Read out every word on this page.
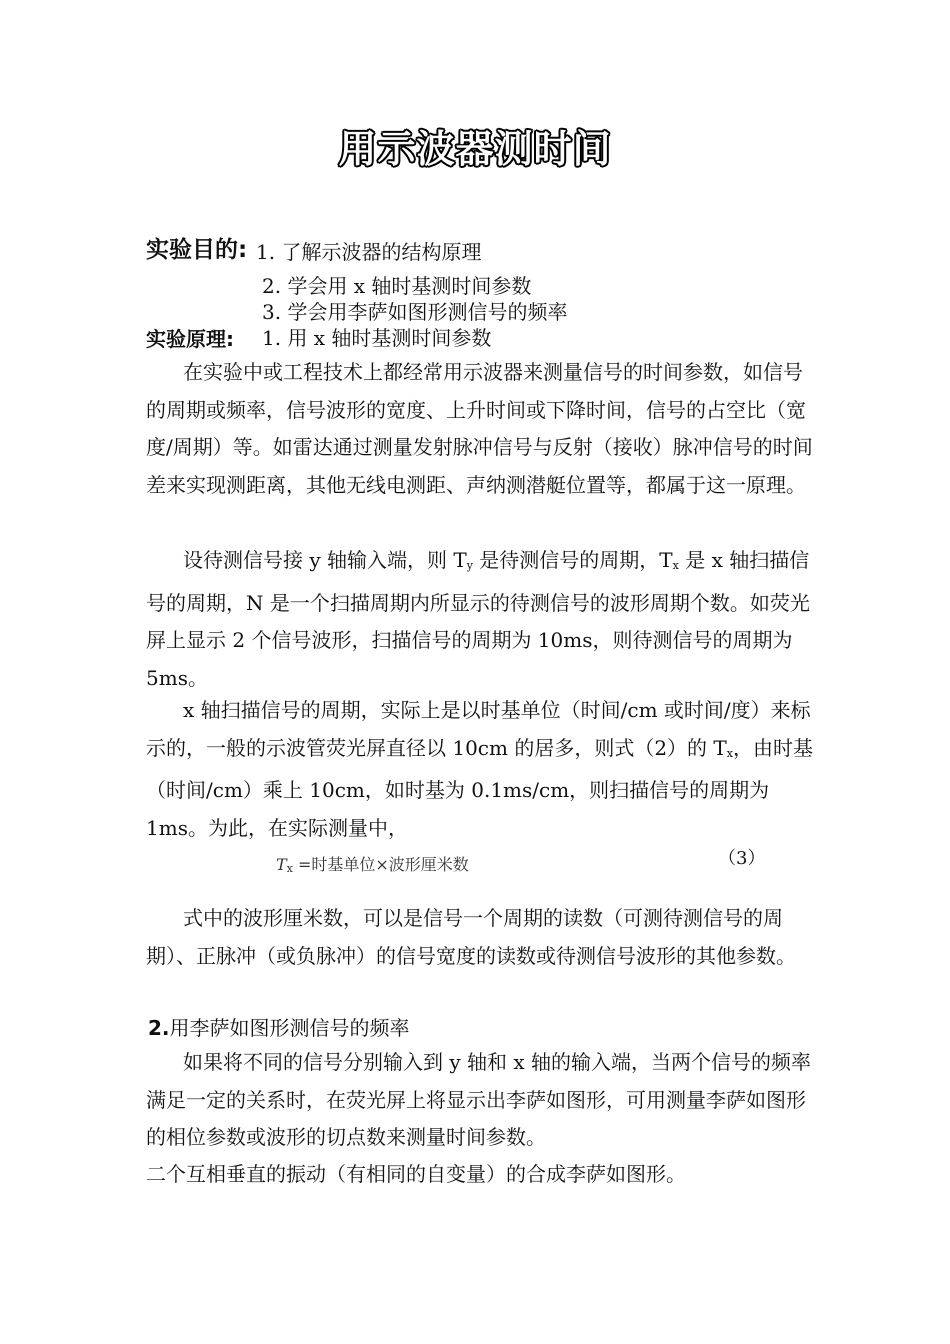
用示波器测时间
实验目的: 1. 了解示波器的结构原理
2. 学会用 x 轴时基测时间参数
3. 学会用李萨如图形测信号的频率
实验原理: 1. 用 x 轴时基测时间参数

在实验中或工程技术上都经常用示波器来测量信号的时间参数，如信号的周期或频率，信号波形的宽度、上升时间或下降时间，信号的占空比（宽度/周期）等。如雷达通过测量发射脉冲信号与反射（接收）脉冲信号的时间差来实现测距离，其他无线电测距、声纳测潜艇位置等，都属于这一原理。

设待测信号接 y 轴输入端，则 $T_y$ 是待测信号的周期，$T_x$ 是 x 轴扫描信号的周期，N 是一个扫描周期内所显示的待测信号的波形周期个数。如荧光屏上显示 2 个信号波形，扫描信号的周期为 10ms，则待测信号的周期为 5ms。

x 轴扫描信号的周期，实际上是以时基单位（时间/cm 或时间/度）来标示的，一般的示波管荧光屏直径以 10cm 的居多，则式（2）的 $T_x$，由时基（时间/cm）乘上 10cm，如时基为 0.1ms/cm，则扫描信号的周期为 1ms。为此，在实际测量中，

$T_x$ =时基单位×波形厘米数	（3）

式中的波形厘米数，可以是信号一个周期的读数（可测待测信号的周期）、正脉冲（或负脉冲）的信号宽度的读数或待测信号波形的其他参数。

2.用李萨如图形测信号的频率

如果将不同的信号分别输入到 y 轴和 x 轴的输入端，当两个信号的频率满足一定的关系时，在荧光屏上将显示出李萨如图形，可用测量李萨如图形的相位参数或波形的切点数来测量时间参数。

二个互相垂直的振动（有相同的自变量）的合成李萨如图形。
